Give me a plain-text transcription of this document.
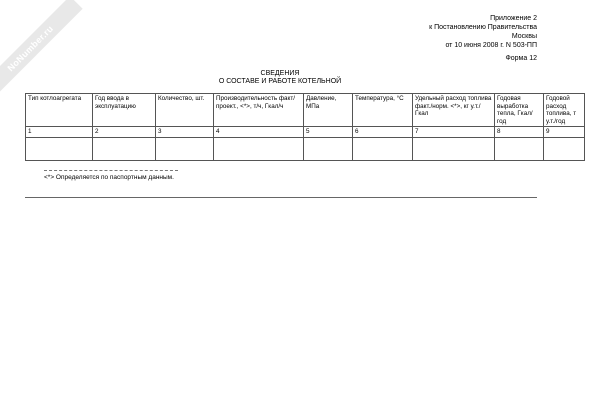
NoNumber.ru
Приложение 2
к Постановлению Правительства
Москвы
от 10 июня 2008 г. N 503-ПП
Форма 12
СВЕДЕНИЯ
О СОСТАВЕ И РАБОТЕ КОТЕЛЬНОЙ
Тип котлоагрегата	Год ввода в эксплуатацию	Количество, шт.	Производительность факт/проект., <*>, т/ч, Гкал/ч	Давление, МПа	Температура, °С	Удельный расход топлива факт./норм. <*>, кг у.т./Гкал	Годовая выработка тепла, Гкал/год	Годовой расход топлива, т у.т./год
1	2	3	4	5	6	7	8	9

<*> Определяется по паспортным данным.
